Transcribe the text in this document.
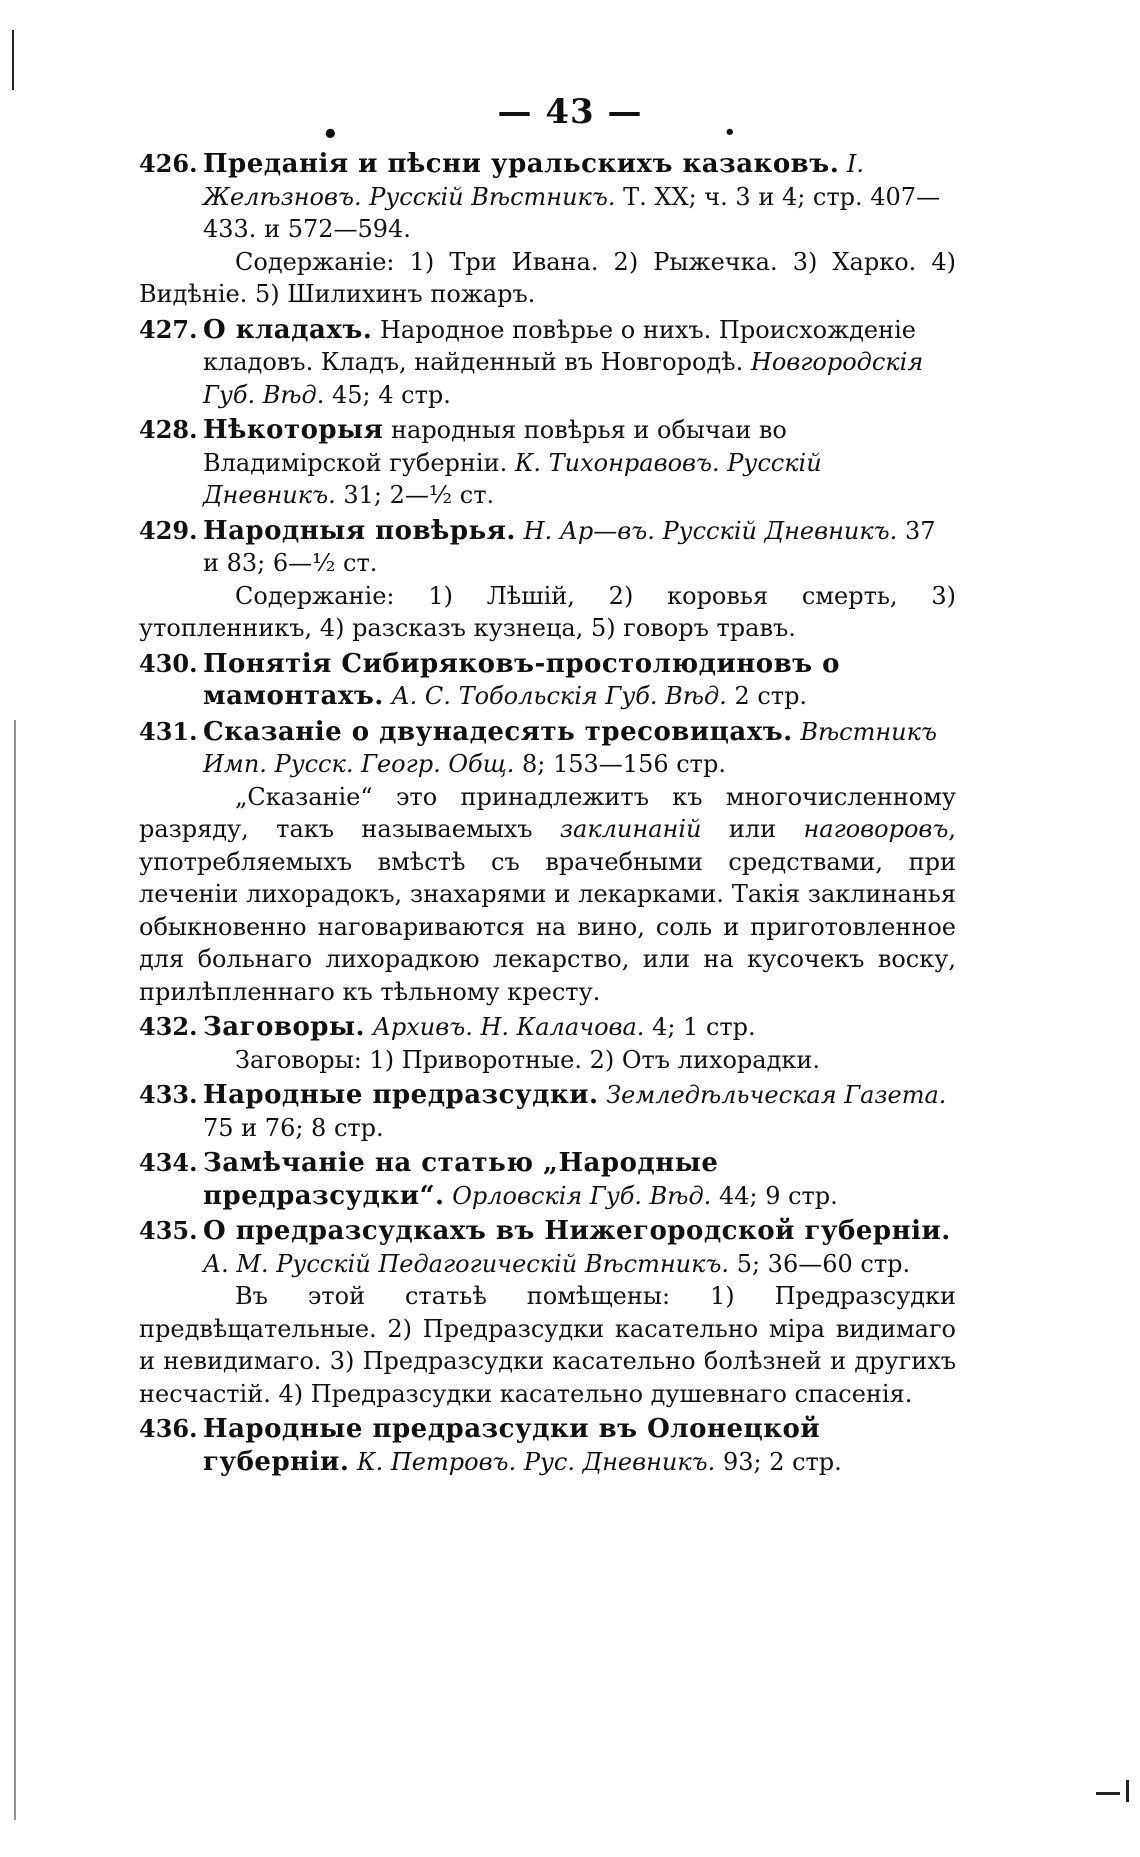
— 43 —
•	•

426. Преданія и пѣсни уральскихъ казаковъ. І. Желѣзновъ. Русскій Вѣстникъ. Т. ХХ; ч. 3 и 4; стр. 407—433. и 572—594.

Содержаніе: 1) Три Ивана. 2) Рыжечка. 3) Харко. 4) Видѣніе. 5) Шилихинъ пожаръ.

427. О кладахъ. Народное повѣрье о нихъ. Происхожденіе кладовъ. Кладъ, найденный въ Новгородѣ. Новгородскія Губ. Вѣд. 45; 4 стр.

428. Нѣкоторыя народныя повѣрья и обычаи во Владимірской губерніи. К. Тихонравовъ. Русскій Дневникъ. 31; 2—½ ст.

429. Народныя повѣрья. Н. Ар—въ. Русскій Дневникъ. 37 и 83; 6—½ ст.

Содержаніе: 1) Лѣшій, 2) коровья смерть, 3) утопленникъ, 4) разсказъ кузнеца, 5) говоръ травъ.

430. Понятія Сибиряковъ-простолюдиновъ о мамонтахъ. А. С. Тобольскія Губ. Вѣд. 2 стр.

431. Сказаніе о двунадесять тресовицахъ. Вѣстникъ Имп. Русск. Геогр. Общ. 8; 153—156 стр.

„Сказаніе“ это принадлежитъ къ многочисленному разряду, такъ называемыхъ заклинаній или наговоровъ, употребляемыхъ вмѣстѣ съ врачебными средствами, при леченіи лихорадокъ, знахарями и лекарками. Такія заклинанья обыкновенно наговариваются на вино, соль и приготовленное для больнаго лихорадкою лекарство, или на кусочекъ воску, прилѣпленнаго къ тѣльному кресту.

432. Заговоры. Архивъ. Н. Калачова. 4; 1 стр.

Заговоры: 1) Приворотные. 2) Отъ лихорадки.

433. Народные предразсудки. Земледѣльческая Газета. 75 и 76; 8 стр.

434. Замѣчаніе на статью „Народные предразсудки“. Орловскія Губ. Вѣд. 44; 9 стр.

435. О предразсудкахъ въ Нижегородской губерніи. А. М. Русскій Педагогическій Вѣстникъ. 5; 36—60 стр.

Въ этой статьѣ помѣщены: 1) Предразсудки предвѣщательные. 2) Предразсудки касательно міра видимаго и невидимаго. 3) Предразсудки касательно болѣзней и другихъ несчастій. 4) Предразсудки касательно душевнаго спасенія.

436. Народные предразсудки въ Олонецкой губерніи. К. Петровъ. Рус. Дневникъ. 93; 2 стр.
